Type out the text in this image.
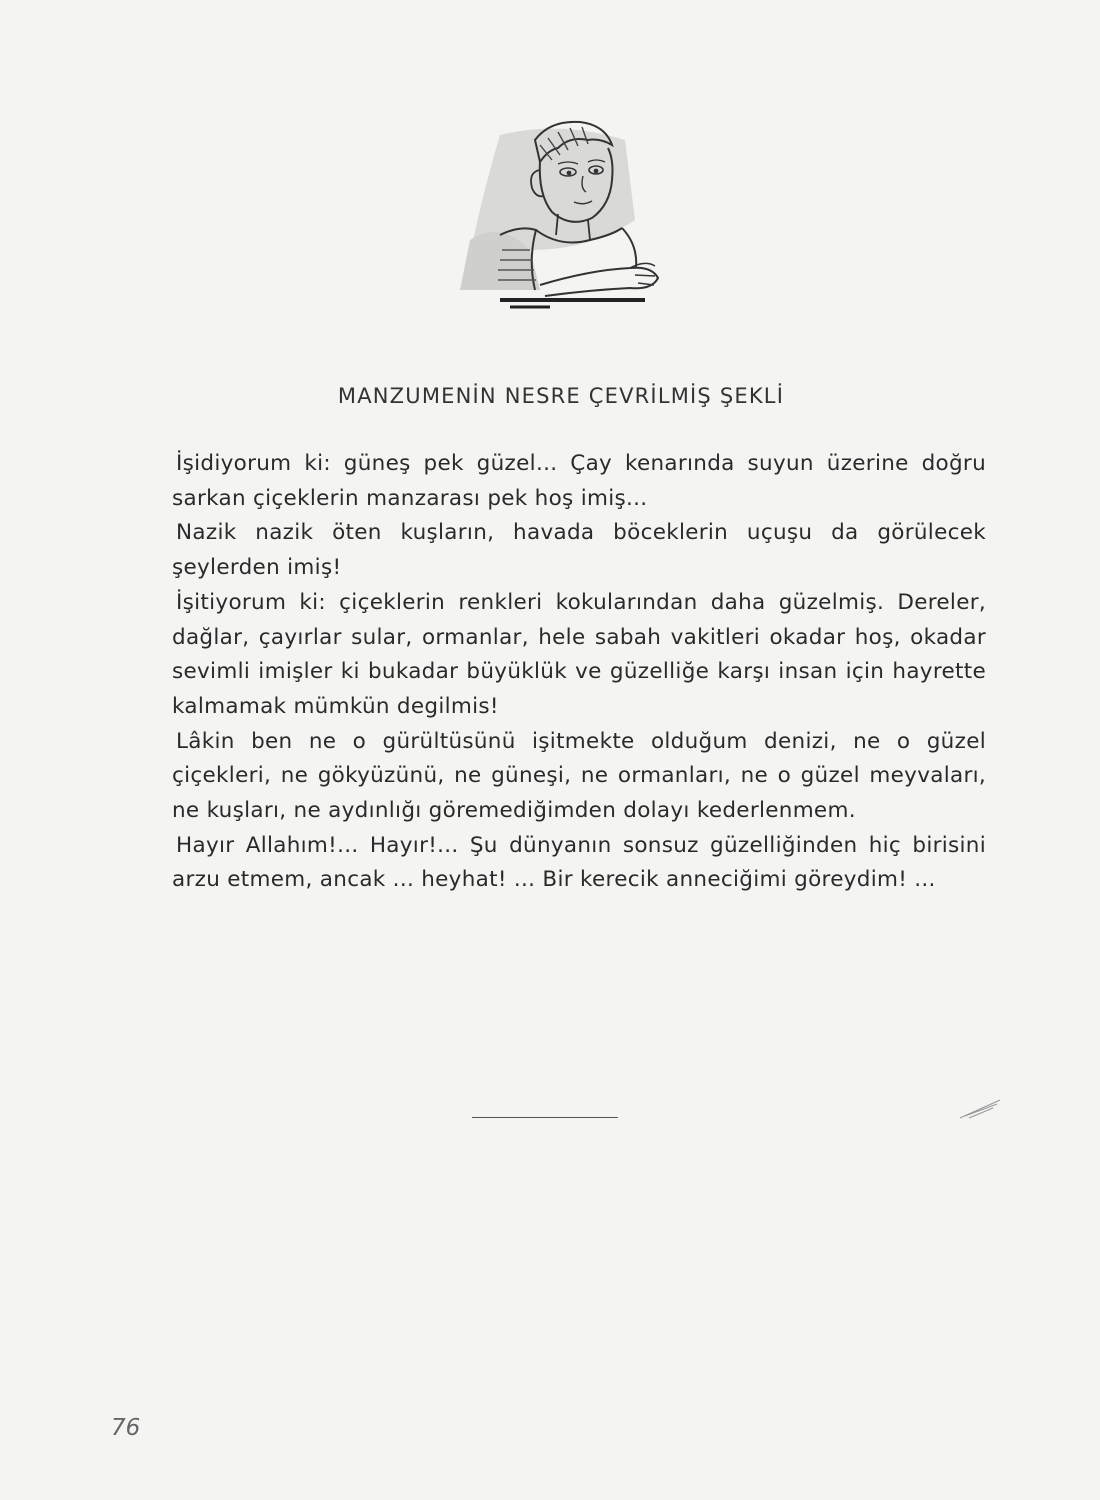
MANZUMENİN NESRE ÇEVRİLMİŞ ŞEKLİ

İşidiyorum ki: güneş pek güzel... Çay kenarında suyun üzerine doğru sarkan çiçeklerin manzarası pek hoş imiş...

Nazik nazik öten kuşların, havada böceklerin uçuşu da görülecek şeylerden imiş!

İşitiyorum ki: çiçeklerin renkleri kokularından daha güzelmiş. Dereler, dağlar, çayırlar sular, ormanlar, hele sabah vakitleri okadar hoş, okadar sevimli imişler ki bukadar büyüklük ve güzelliğe karşı insan için hayrette kalmamak mümkün degilmis!

Lâkin ben ne o gürültüsünü işitmekte olduğum denizi, ne o güzel çiçekleri, ne gökyüzünü, ne güneşi, ne ormanları, ne o güzel meyvaları, ne kuşları, ne aydınlığı göremediğimden dolayı kederlenmem.

Hayır Allahım!... Hayır!... Şu dünyanın sonsuz güzelliğinden hiç birisini arzu etmem, ancak ... heyhat! ... Bir kerecik anneciğimi göreydim! ...

76
